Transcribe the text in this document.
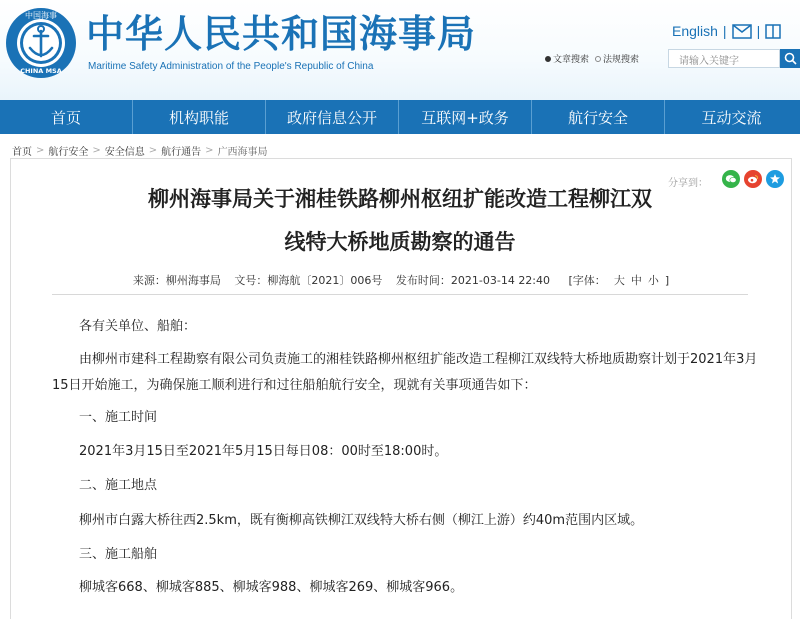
中国海事
CHINA MSA
中华人民共和国海事局
Maritime Safety Administration of the People's Republic of China
English | |
文章搜索 法规搜索	请输入关键字
首页	机构职能	政府信息公开	互联网+政务	航行安全	互动交流
首页 > 航行安全 > 安全信息 > 航行通告 > 广西海事局
分享到：
柳州海事局关于湘桂铁路柳州枢纽扩能改造工程柳江双
线特大桥地质勘察的通告
来源：柳州海事局 文号：柳海航〔2021〕006号 发布时间：2021-03-14 22:40 [字体： 大 中 小 ]
各有关单位、船舶：
由柳州市建科工程勘察有限公司负责施工的湘桂铁路柳州枢纽扩能改造工程柳江双线特大桥地质勘察计划于2021年3月
15日开始施工，为确保施工顺利进行和过往船舶航行安全，现就有关事项通告如下：
一、施工时间
2021年3月15日至2021年5月15日每日08：00时至18:00时。
二、施工地点
柳州市白露大桥往西2.5km，既有衡柳高铁柳江双线特大桥右侧（柳江上游）约40m范围内区域。
三、施工船舶
柳城客668、柳城客885、柳城客988、柳城客269、柳城客966。
